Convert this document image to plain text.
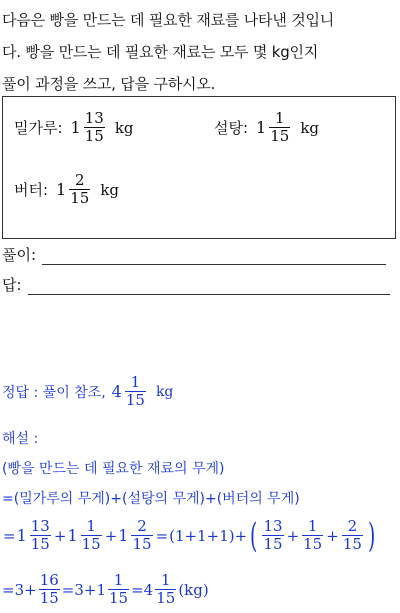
다음은 빵을 만드는 데 필요한 재료를 나타낸 것입니
다. 빵을 만드는 데 필요한 재료는 모두 몇 kg인지
풀이 과정을 쓰고, 답을 구하시오.
밀가루: $1 \frac{13}{15}$ kg	설탕: $1 \frac{1}{15}$ kg
버터: $1 \frac{2}{15}$ kg
풀이:
답:
정답 : 풀이 참조, $4 \frac{1}{15}$ kg
해설 :
(빵을 만드는 데 필요한 재료의 무게)
=(밀가루의 무게)+(설탕의 무게)+(버터의 무게)
= $1 \frac{13}{15} + 1 \frac{1}{15} + 1 \frac{2}{15} = (1+1+1)+$ ( $\frac{13}{15} + \frac{1}{15} + \frac{2}{15}$ )
$=3+ \frac{16}{15} =3+1 \frac{1}{15} =4 \frac{1}{15} (kg)$
